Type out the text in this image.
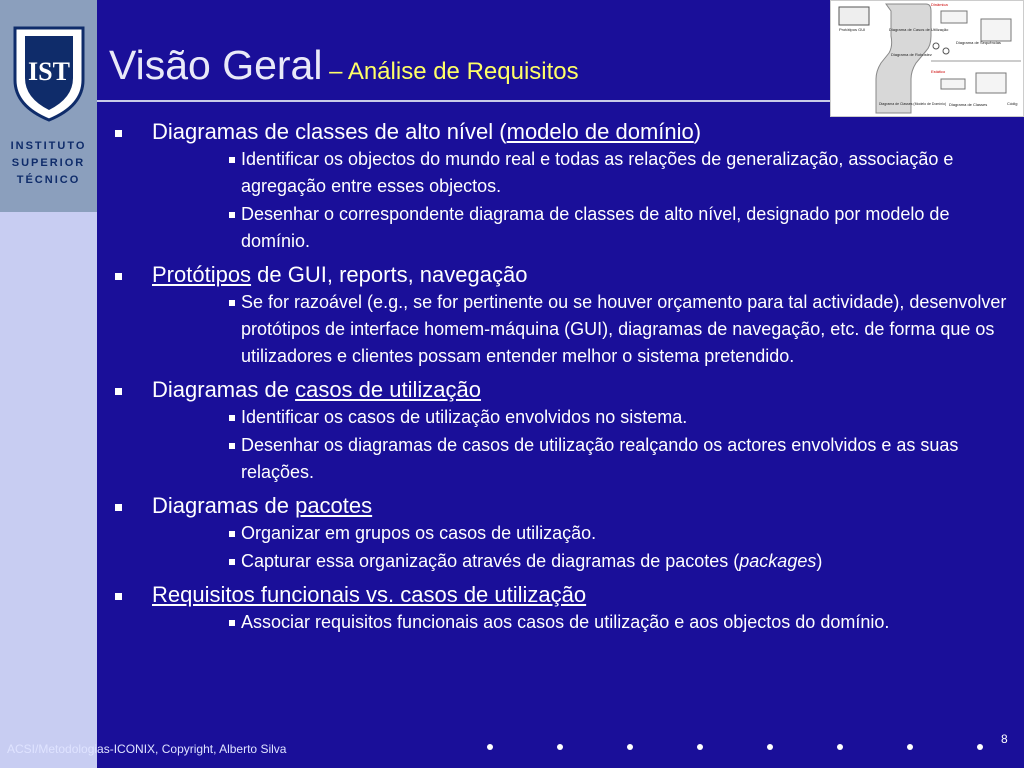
IST
INSTITUTO
SUPERIOR
TÉCNICO
Visão Geral – Análise de Requisitos
Dinâmica
Protótipos GUI	Diagrama de Casos de Utilização
Diagrama de Sequências
Diagrama de Robustez
Estático
Diagrama de Classes (Modelo de Domínio) Diagrama de Classes	Códig
Diagramas de classes de alto nível (modelo de domínio)
Identificar os objectos do mundo real e todas as relações de generalização, associação e agregação entre esses objectos.
Desenhar o correspondente diagrama de classes de alto nível, designado por modelo de domínio.
Protótipos de GUI, reports, navegação
Se for razoável (e.g., se for pertinente ou se houver orçamento para tal actividade), desenvolver protótipos de interface homem-máquina (GUI), diagramas de navegação, etc. de forma que os utilizadores e clientes possam entender melhor o sistema pretendido.
Diagramas de casos de utilização
Identificar os casos de utilização envolvidos no sistema.
Desenhar os diagramas de casos de utilização realçando os actores envolvidos e as suas relações.
Diagramas de pacotes
Organizar em grupos os casos de utilização.
Capturar essa organização através de diagramas de pacotes (packages)
Requisitos funcionais vs. casos de utilização
Associar requisitos funcionais aos casos de utilização e aos objectos do domínio.
8
ACSI/Metodologias-ICONIX, Copyright, Alberto Silva
